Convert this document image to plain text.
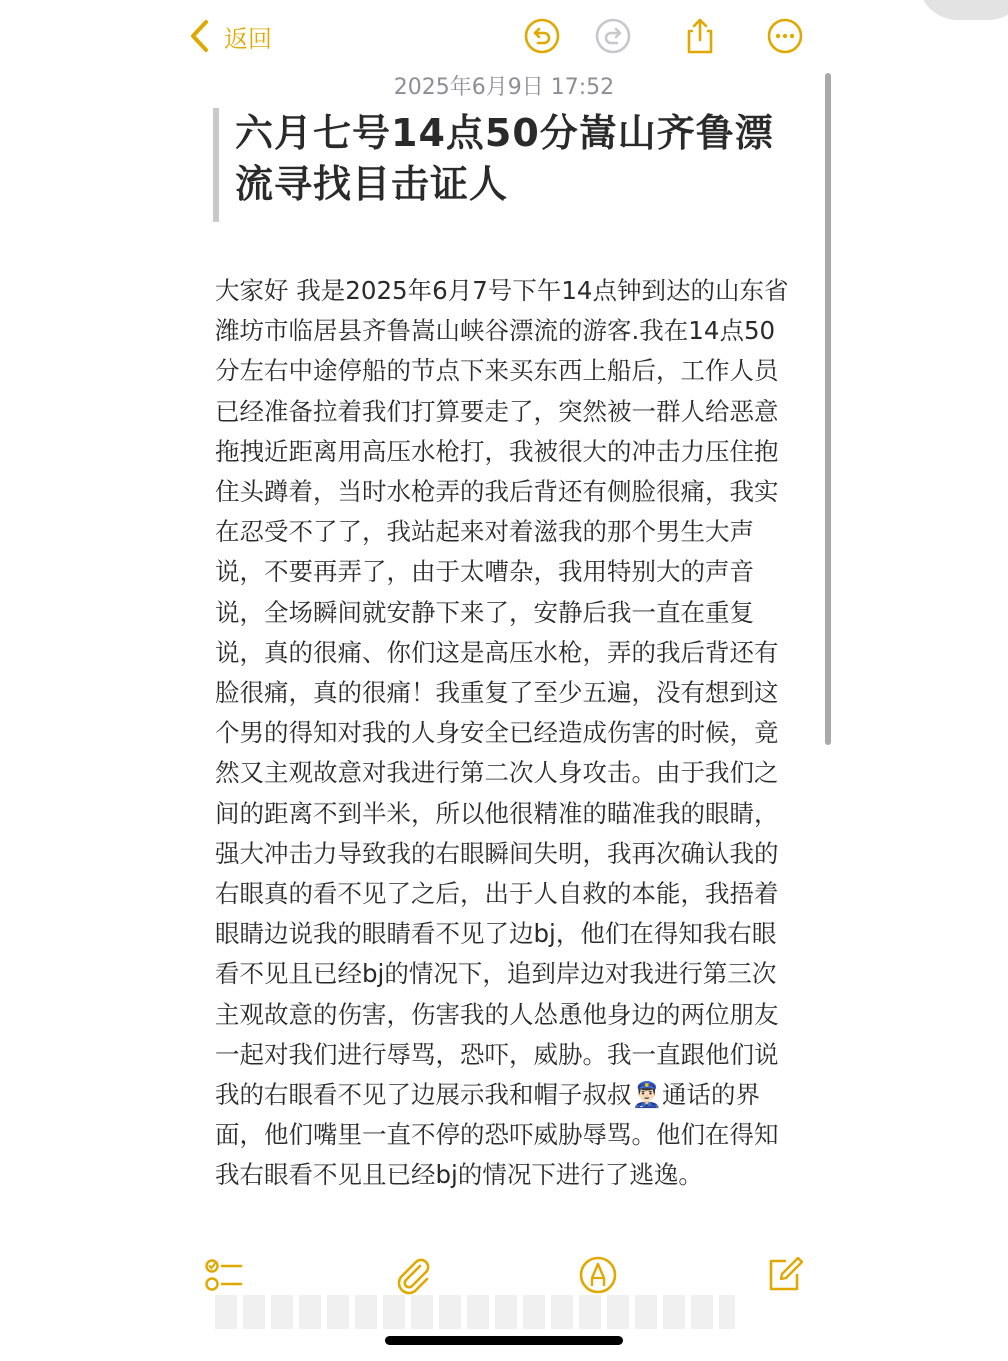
返回
2025年6月9日 17:52
六月七号14点50分嵩山齐鲁漂流寻找目击证人
大家好 我是2025年6月7号下午14点钟到达的山东省潍坊市临居县齐鲁嵩山峡谷漂流的游客.我在14点50分左右中途停船的节点下来买东西上船后，工作人员已经准备拉着我们打算要走了，突然被一群人给恶意拖拽近距离用高压水枪打，我被很大的冲击力压住抱住头蹲着，当时水枪弄的我后背还有侧脸很痛，我实在忍受不了了，我站起来对着滋我的那个男生大声说，不要再弄了，由于太嘈杂，我用特别大的声音说，全场瞬间就安静下来了，安静后我一直在重复说，真的很痛、你们这是高压水枪，弄的我后背还有脸很痛，真的很痛！我重复了至少五遍，没有想到这个男的得知对我的人身安全已经造成伤害的时候，竟然又主观故意对我进行第二次人身攻击。由于我们之间的距离不到半米，所以他很精准的瞄准我的眼睛，强大冲击力导致我的右眼瞬间失明，我再次确认我的右眼真的看不见了之后，出于人自救的本能，我捂着眼睛边说我的眼睛看不见了边bj，他们在得知我右眼看不见且已经bj的情况下，追到岸边对我进行第三次主观故意的伤害，伤害我的人怂恿他身边的两位朋友一起对我们进行辱骂，恐吓，威胁。我一直跟他们说我的右眼看不见了边展示我和帽子叔叔👮🏻‍♂️通话的界面，他们嘴里一直不停的恐吓威胁辱骂。他们在得知我右眼看不见且已经bj的情况下进行了逃逸。
